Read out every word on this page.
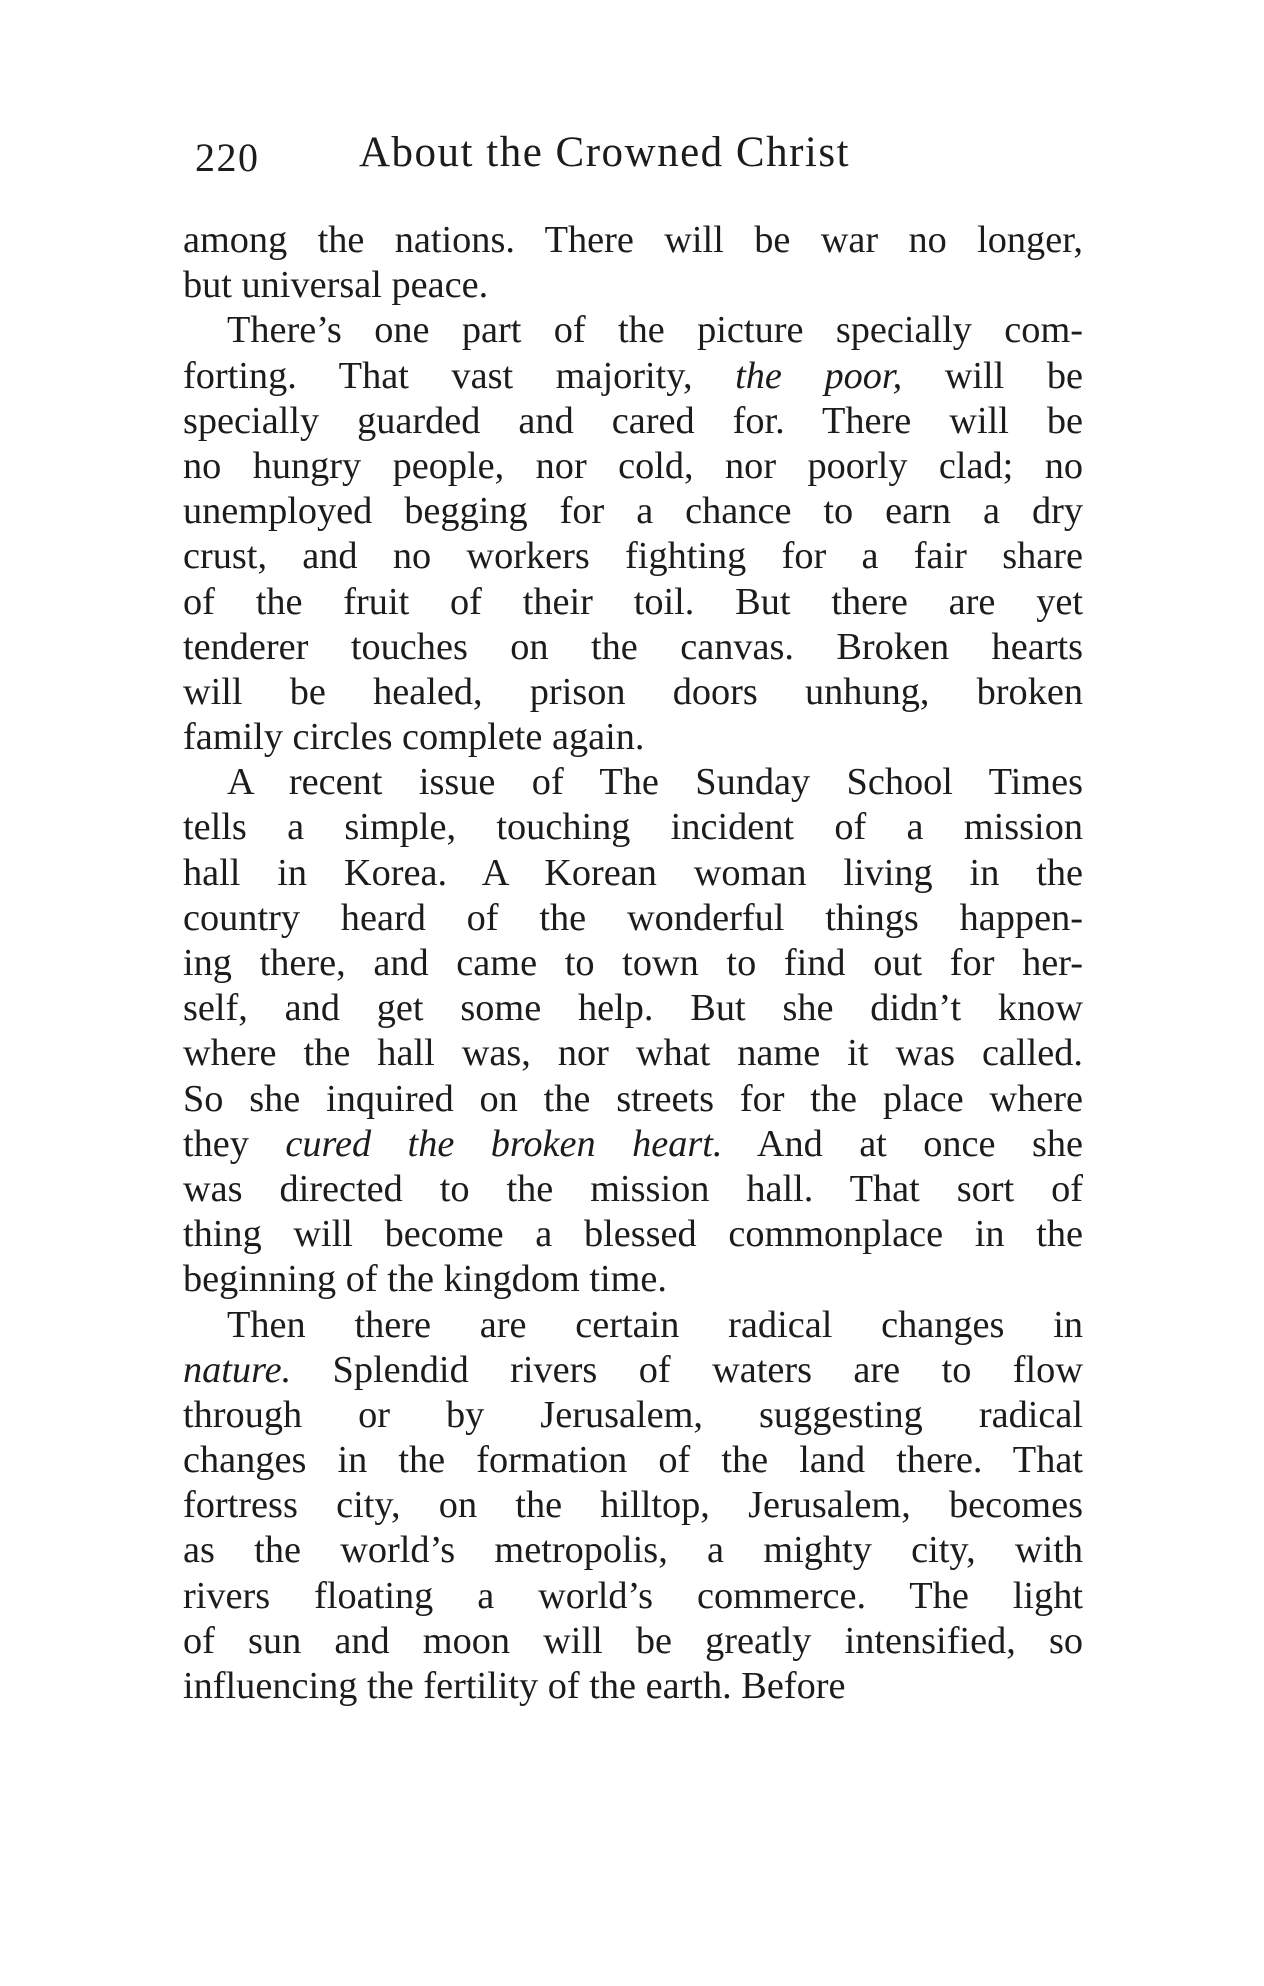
220 About the Crowned Christ
among the nations. There will be war no longer,
but universal peace.
There’s one part of the picture specially com-
forting. That vast majority, the poor, will be
specially guarded and cared for. There will be
no hungry people, nor cold, nor poorly clad; no
unemployed begging for a chance to earn a dry
crust, and no workers fighting for a fair share
of the fruit of their toil. But there are yet
tenderer touches on the canvas. Broken hearts
will be healed, prison doors unhung, broken
family circles complete again.
A recent issue of The Sunday School Times
tells a simple, touching incident of a mission
hall in Korea. A Korean woman living in the
country heard of the wonderful things happen-
ing there, and came to town to find out for her-
self, and get some help. But she didn’t know
where the hall was, nor what name it was called.
So she inquired on the streets for the place where
they cured the broken heart. And at once she
was directed to the mission hall. That sort of
thing will become a blessed commonplace in the
beginning of the kingdom time.
Then there are certain radical changes in
nature. Splendid rivers of waters are to flow
through or by Jerusalem, suggesting radical
changes in the formation of the land there. That
fortress city, on the hilltop, Jerusalem, becomes
as the world’s metropolis, a mighty city, with
rivers floating a world’s commerce. The light
of sun and moon will be greatly intensified, so
influencing the fertility of the earth. Before
